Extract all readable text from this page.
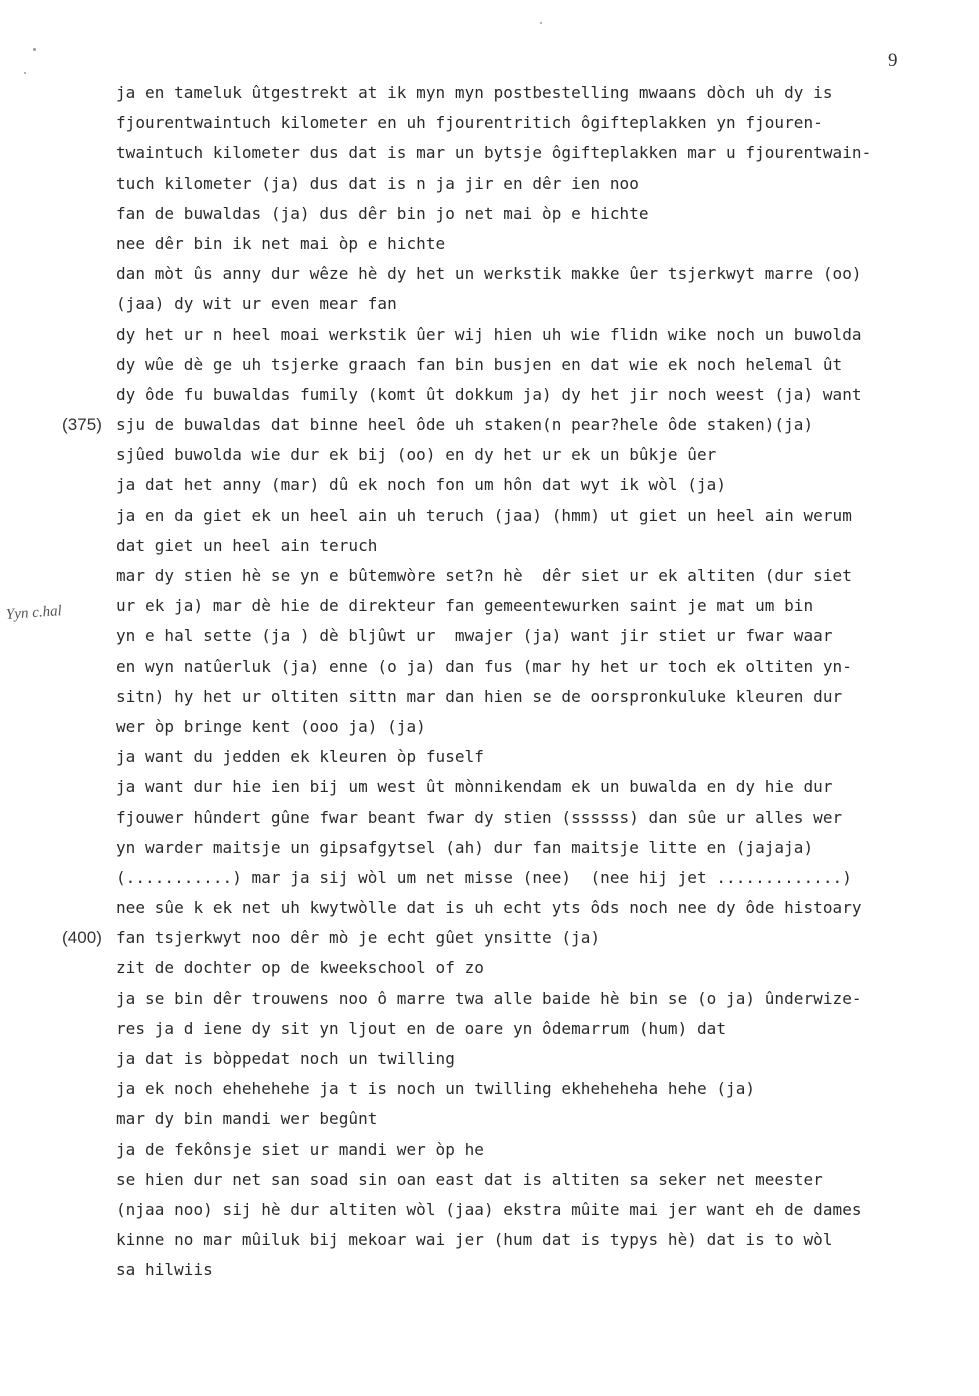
9
Yyn c.hal
ja en tameluk ûtgestrekt at ik myn myn postbestelling mwaans dòch uh dy is
fjourentwaintuch kilometer en uh fjourentritich ôgifteplakken yn fjouren-
twaintuch kilometer dus dat is mar un bytsje ôgifteplakken mar u fjourentwain-
tuch kilometer (ja) dus dat is n ja jir en dêr ien noo
fan de buwaldas (ja) dus dêr bin jo net mai òp e hichte
nee dêr bin ik net mai òp e hichte
dan mòt ûs anny dur wêze hè dy het un werkstik makke ûer tsjerkwyt marre (oo)
(jaa) dy wit ur even mear fan
dy het ur n heel moai werkstik ûer wij hien uh wie flidn wike noch un buwolda
dy wûe dè ge uh tsjerke graach fan bin busjen en dat wie ek noch helemal ût
dy ôde fu buwaldas fumily (komt ût dokkum ja) dy het jir noch weest (ja) want
(375) sju de buwaldas dat binne heel ôde uh staken(n pear?hele ôde staken)(ja)
sjûed buwolda wie dur ek bij (oo) en dy het ur ek un bûkje ûer
ja dat het anny (mar) dû ek noch fon um hôn dat wyt ik wòl (ja)
ja en da giet ek un heel ain uh teruch (jaa) (hmm) ut giet un heel ain werum
dat giet un heel ain teruch
mar dy stien hè se yn e bûtemwòre set?n hè  dêr siet ur ek altiten (dur siet
ur ek ja) mar dè hie de direkteur fan gemeentewurken saint je mat um bin
yn e hal sette (ja ) dè bljûwt ur  mwajer (ja) want jir stiet ur fwar waar
en wyn natûerluk (ja) enne (o ja) dan fus (mar hy het ur toch ek oltiten yn-
sitn) hy het ur oltiten sittn mar dan hien se de oorspronkuluke kleuren dur
wer òp bringe kent (ooo ja) (ja)
ja want du jedden ek kleuren òp fuself
ja want dur hie ien bij um west ût mònnikendam ek un buwalda en dy hie dur
fjouwer hûndert gûne fwar beant fwar dy stien (ssssss) dan sûe ur alles wer
yn warder maitsje un gipsafgytsel (ah) dur fan maitsje litte en (jajaja)
(...........) mar ja sij wòl um net misse (nee)  (nee hij jet .............)
nee sûe k ek net uh kwytwòlle dat is uh echt yts ôds noch nee dy ôde histoary
(400) fan tsjerkwyt noo dêr mò je echt gûet ynsitte (ja)
zit de dochter op de kweekschool of zo
ja se bin dêr trouwens noo ô marre twa alle baide hè bin se (o ja) ûnderwize-
res ja d iene dy sit yn ljout en de oare yn ôdemarrum (hum) dat
ja dat is bòppedat noch un twilling
ja ek noch ehehehehe ja t is noch un twilling ekheheheha hehe (ja)
mar dy bin mandi wer begûnt
ja de fekônsje siet ur mandi wer òp he
se hien dur net san soad sin oan east dat is altiten sa seker net meester
(njaa noo) sij hè dur altiten wòl (jaa) ekstra mûite mai jer want eh de dames
kinne no mar mûiluk bij mekoar wai jer (hum dat is typys hè) dat is to wòl
sa hilwiis
